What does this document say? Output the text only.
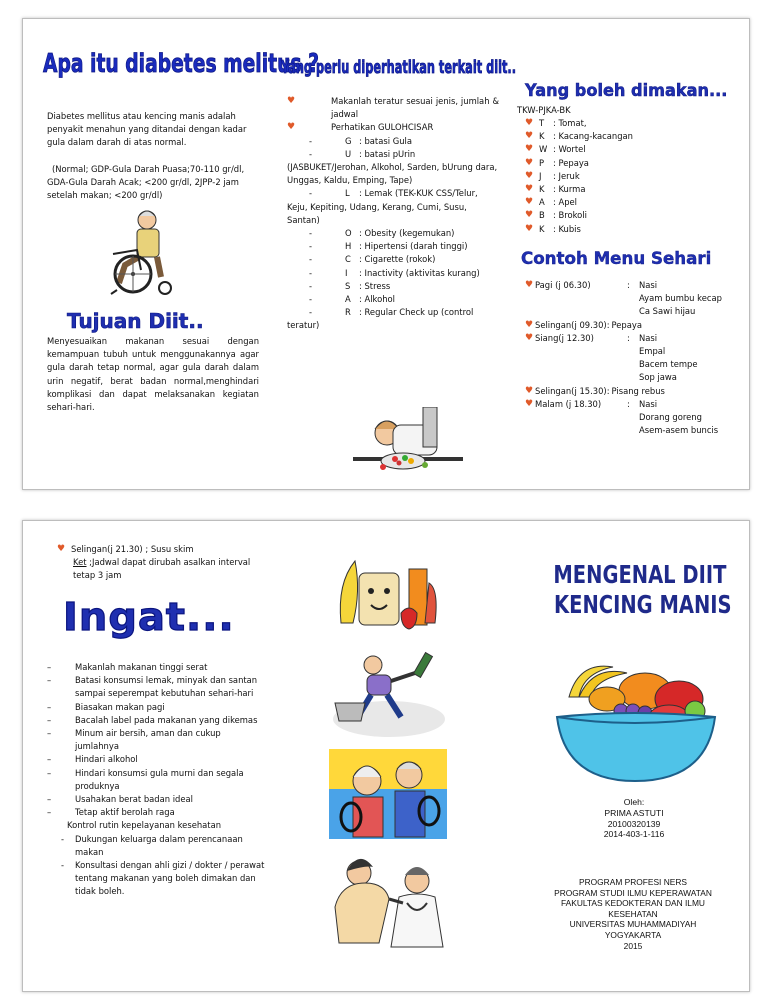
Apa itu diabetes melitus ?
Diabetes mellitus atau kencing manis adalah penyakit menahun yang ditandai dengan kadar gula dalam darah di atas normal.
(Normal; GDP-Gula Darah Puasa;70-110 gr/dl, GDA-Gula Darah Acak; <200 gr/dl, 2JPP-2 jam setelah makan; <200 gr/dl)
Tujuan Diit..
Menyesuaikan makanan sesuai dengan kemampuan tubuh untuk menggunakannya agar gula darah tetap normal, agar gula darah dalam urin negatif, berat badan normal,menghindari komplikasi dan dapat melaksanakan kegiatan sehari-hari.
Yang perlu diperhatikan terkait diit..
♥	Makanlah teratur sesuai jenis, jumlah & jadwal
♥	Perhatikan GULOHCISAR
-	G : batasi Gula
-	U : batasi pUrin (JASBUKET/Jerohan, Alkohol, Sarden, bUrung dara, Unggas, Kaldu, Emping, Tape)
-	L : Lemak (TEK-KUK CSS/Telur, Keju, Kepiting, Udang, Kerang, Cumi, Susu, Santan)
-	O : Obesity (kegemukan)
-	H : Hipertensi (darah tinggi)
-	C : Cigarette (rokok)
-	I : Inactivity (aktivitas kurang)
-	S : Stress
-	A : Alkohol
-	R : Regular Check up (control teratur)
Yang boleh dimakan...
TKW-PJKA-BK
♥ T : Tomat,
♥ K : Kacang-kacangan
♥ W : Wortel
♥ P : Pepaya
♥ J : Jeruk
♥ K : Kurma
♥ A : Apel
♥ B : Brokoli
♥ K : Kubis
Contoh Menu Sehari
♥ Pagi (j 06.30)	: Nasi
Ayam bumbu kecap
Ca Sawi hijau
♥ Selingan(j 09.30): Pepaya
♥ Siang(j 12.30)	: Nasi
Empal
Bacem tempe
Sop jawa
♥ Selingan(j 15.30): Pisang rebus
♥ Malam (j 18.30)	: Nasi
Dorang goreng
Asem-asem buncis
♥ Selingan(j 21.30) ; Susu skim
Ket ;Jadwal dapat dirubah asalkan interval tetap 3 jam
Ingat...
–	Makanlah makanan tinggi serat
–	Batasi konsumsi lemak, minyak dan santan sampai seperempat kebutuhan sehari-hari
–	Biasakan makan pagi
–	Bacalah label pada makanan yang dikemas
–	Minum air bersih, aman dan cukup jumlahnya
–	Hindari alkohol
–	Hindari konsumsi gula murni dan segala produknya
–	Usahakan berat badan ideal
–	Tetap aktif berolah raga
Kontrol rutin kepelayanan kesehatan
- Dukungan keluarga dalam perencanaan makan
- Konsultasi dengan ahli gizi / dokter / perawat tentang makanan yang boleh dimakan dan tidak boleh.
MENGENAL DIIT
KENCING MANIS
Oleh:
PRIMA ASTUTI
20100320139
2014-403-1-116
PROGRAM PROFESI NERS
PROGRAM STUDI ILMU KEPERAWATAN
FAKULTAS KEDOKTERAN DAN ILMU
KESEHATAN
UNIVERSITAS MUHAMMADIYAH
YOGYAKARTA
2015
